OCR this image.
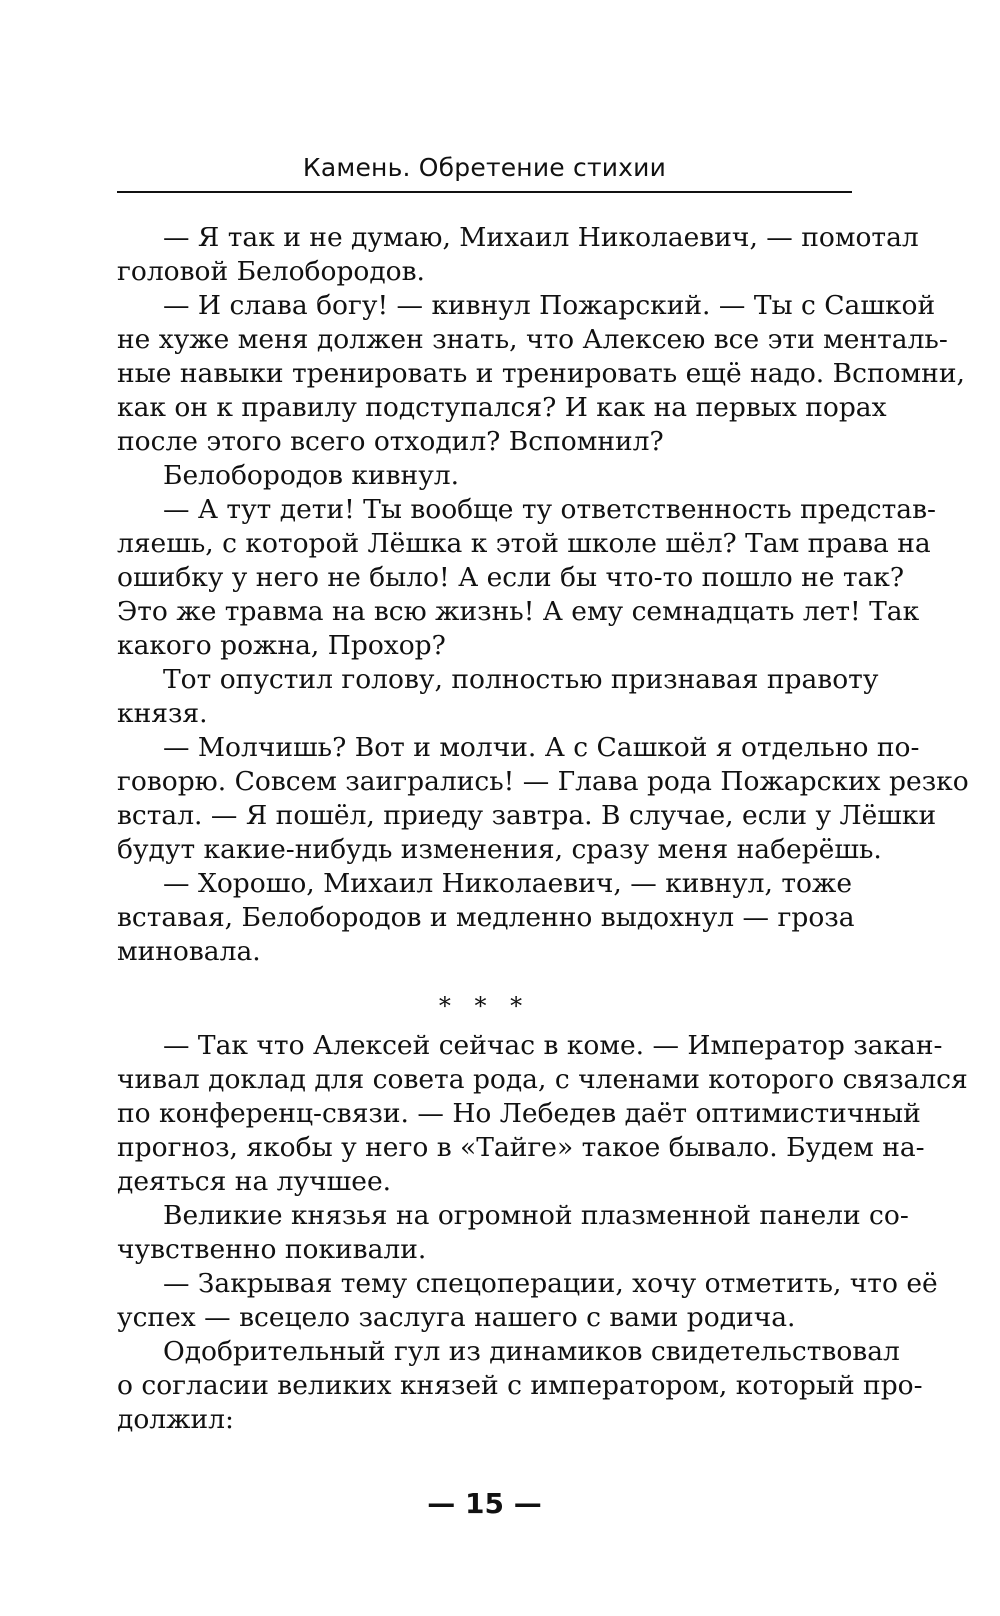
Камень. Обретение стихии
— Я так и не думаю, Михаил Николаевич, — помотал
головой Белобородов.
— И слава богу! — кивнул Пожарский. — Ты с Сашкой
не хуже меня должен знать, что Алексею все эти менталь-
ные навыки тренировать и тренировать ещё надо. Вспомни,
как он к правилу подступался? И как на первых порах
после этого всего отходил? Вспомнил?
Белобородов кивнул.
— А тут дети! Ты вообще ту ответственность представ-
ляешь, с которой Лёшка к этой школе шёл? Там права на
ошибку у него не было! А если бы что-то пошло не так?
Это же травма на всю жизнь! А ему семнадцать лет! Так
какого рожна, Прохор?
Тот опустил голову, полностью признавая правоту
князя.
— Молчишь? Вот и молчи. А с Сашкой я отдельно по-
говорю. Совсем заигрались! — Глава рода Пожарских резко
встал. — Я пошёл, приеду завтра. В случае, если у Лёшки
будут какие-нибудь изменения, сразу меня наберёшь.
— Хорошо, Михаил Николаевич, — кивнул, тоже
вставая, Белобородов и медленно выдохнул — гроза
миновала.
* * *
— Так что Алексей сейчас в коме. — Император закан-
чивал доклад для совета рода, с членами которого связался
по конференц-связи. — Но Лебедев даёт оптимистичный
прогноз, якобы у него в «Тайге» такое бывало. Будем на-
деяться на лучшее.
Великие князья на огромной плазменной панели со-
чувственно покивали.
— Закрывая тему спецоперации, хочу отметить, что её
успех — всецело заслуга нашего с вами родича.
Одобрительный гул из динамиков свидетельствовал
о согласии великих князей с императором, который про-
должил:
— 15 —
